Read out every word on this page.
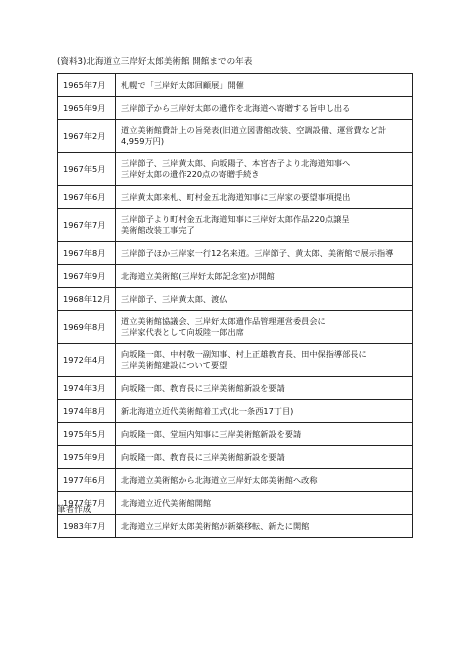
(資料3)北海道立三岸好太郎美術館 開館までの年表
1965年7月	札幌で「三岸好太郎回顧展」開催

1965年9月	三岸節子から三岸好太郎の遺作を北海道へ寄贈する旨申し出る

1967年2月	道立美術館費計上の旨発表(旧道立図書館改装、空調設備、運営費など計
4,959万円)

1967年5月	三岸節子、三岸黄太郎、向坂陽子、本宮杏子より北海道知事へ
三岸好太郎の遺作220点の寄贈手続き

1967年6月	三岸黄太郎来札、町村金五北海道知事に三岸家の要望事項提出

1967年7月	三岸節子より町村金五北海道知事に三岸好太郎作品220点譲呈
美術館改装工事完了

1967年8月	三岸節子ほか三岸家一行12名来道。三岸節子、黄太郎、美術館で展示指導

1967年9月	北海道立美術館(三岸好太郎記念室)が開館

1968年12月	三岸節子、三岸黄太郎、渡仏

1969年8月	道立美術館協議会、三岸好太郎遺作品管理運営委員会に
三岸家代表として向坂陸一郎出席

1972年4月	向坂隆一郎、中村敬一副知事、村上正雄教育長、田中保指導部長に
三岸美術館建設について要望

1974年3月	向坂隆一郎、教育長に三岸美術館新設を要請

1974年8月	新北海道立近代美術館着工式(北一条西17丁目)

1975年5月	向坂隆一郎、堂垣内知事に三岸美術館新設を要請

1975年9月	向坂隆一郎、教育長に三岸美術館新設を要請

1977年6月	北海道立美術館から北海道立三岸好太郎美術館へ改称

1977年7月	北海道立近代美術館開館

1983年7月	北海道立三岸好太郎美術館が新築移転、新たに開館
筆者作成
